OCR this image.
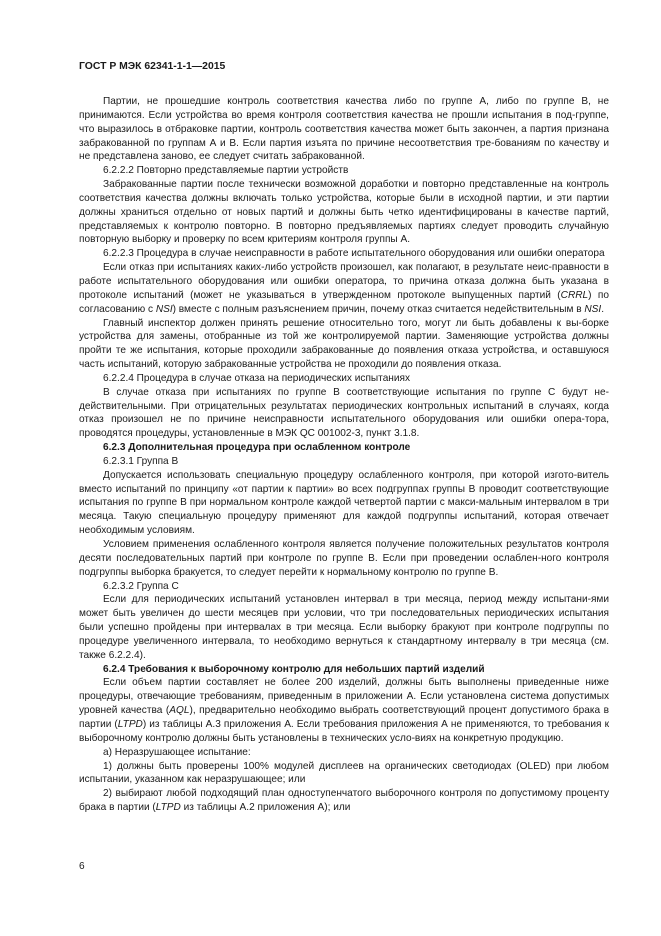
ГОСТ Р МЭК 62341-1-1—2015

Партии, не прошедшие контроль соответствия качества либо по группе А, либо по группе В, не принимаются. Если устройства во время контроля соответствия качества не прошли испытания в под-группе, что выразилось в отбраковке партии, контроль соответствия качества может быть закончен, а партия признана забракованной по группам А и В. Если партия изъята по причине несоответствия тре-бованиям по качеству и не представлена заново, ее следует считать забракованной.

6.2.2.2 Повторно представляемые партии устройств

Забракованные партии после технически возможной доработки и повторно представленные на контроль соответствия качества должны включать только устройства, которые были в исходной партии, и эти партии должны храниться отдельно от новых партий и должны быть четко идентифицированы в качестве партий, представляемых к контролю повторно. В повторно предъявляемых партиях следует проводить случайную повторную выборку и проверку по всем критериям контроля группы А.

6.2.2.3 Процедура в случае неисправности в работе испытательного оборудования или ошибки оператора

Если отказ при испытаниях каких-либо устройств произошел, как полагают, в результате неис-правности в работе испытательного оборудования или ошибки оператора, то причина отказа должна быть указана в протоколе испытаний (может не указываться в утвержденном протоколе выпущенных партий (CRRL) по согласованию с NSI) вместе с полным разъяснением причин, почему отказ считается недействительным в NSI.

Главный инспектор должен принять решение относительно того, могут ли быть добавлены к вы-борке устройства для замены, отобранные из той же контролируемой партии. Заменяющие устройства должны пройти те же испытания, которые проходили забракованные до появления отказа устройства, и оставшуюся часть испытаний, которую забракованные устройства не проходили до появления отказа.

6.2.2.4 Процедура в случае отказа на периодических испытаниях

В случае отказа при испытаниях по группе В соответствующие испытания по группе С будут не-действительными. При отрицательных результатах периодических контрольных испытаний в случаях, когда отказ произошел не по причине неисправности испытательного оборудования или ошибки опера-тора, проводятся процедуры, установленные в МЭК QC 001002-3, пункт 3.1.8.

6.2.3 Дополнительная процедура при ослабленном контроле

6.2.3.1 Группа В

Допускается использовать специальную процедуру ослабленного контроля, при которой изгото-витель вместо испытаний по принципу «от партии к партии» во всех подгруппах группы В проводит соответствующие испытания по группе В при нормальном контроле каждой четвертой партии с макси-мальным интервалом в три месяца. Такую специальную процедуру применяют для каждой подгруппы испытаний, которая отвечает необходимым условиям.

Условием применения ослабленного контроля является получение положительных результатов контроля десяти последовательных партий при контроле по группе В. Если при проведении ослаблен-ного контроля подгруппы выборка бракуется, то следует перейти к нормальному контролю по группе В.

6.2.3.2 Группа С

Если для периодических испытаний установлен интервал в три месяца, период между испытани-ями может быть увеличен до шести месяцев при условии, что три последовательных периодических испытания были успешно пройдены при интервалах в три месяца. Если выборку бракуют при контроле подгруппы по процедуре увеличенного интервала, то необходимо вернуться к стандартному интервалу в три месяца (см. также 6.2.2.4).

6.2.4 Требования к выборочному контролю для небольших партий изделий

Если объем партии составляет не более 200 изделий, должны быть выполнены приведенные ниже процедуры, отвечающие требованиям, приведенным в приложении А. Если установлена система допустимых уровней качества (AQL), предварительно необходимо выбрать соответствующий процент допустимого брака в партии (LTPD) из таблицы А.3 приложения А. Если требования приложения А не применяются, то требования к выборочному контролю должны быть установлены в технических усло-виях на конкретную продукцию.

а) Неразрушающее испытание:

1) должны быть проверены 100% модулей дисплеев на органических светодиодах (OLED) при любом испытании, указанном как неразрушающее; или

2) выбирают любой подходящий план одноступенчатого выборочного контроля по допустимому проценту брака в партии (LTPD из таблицы А.2 приложения А); или

6
